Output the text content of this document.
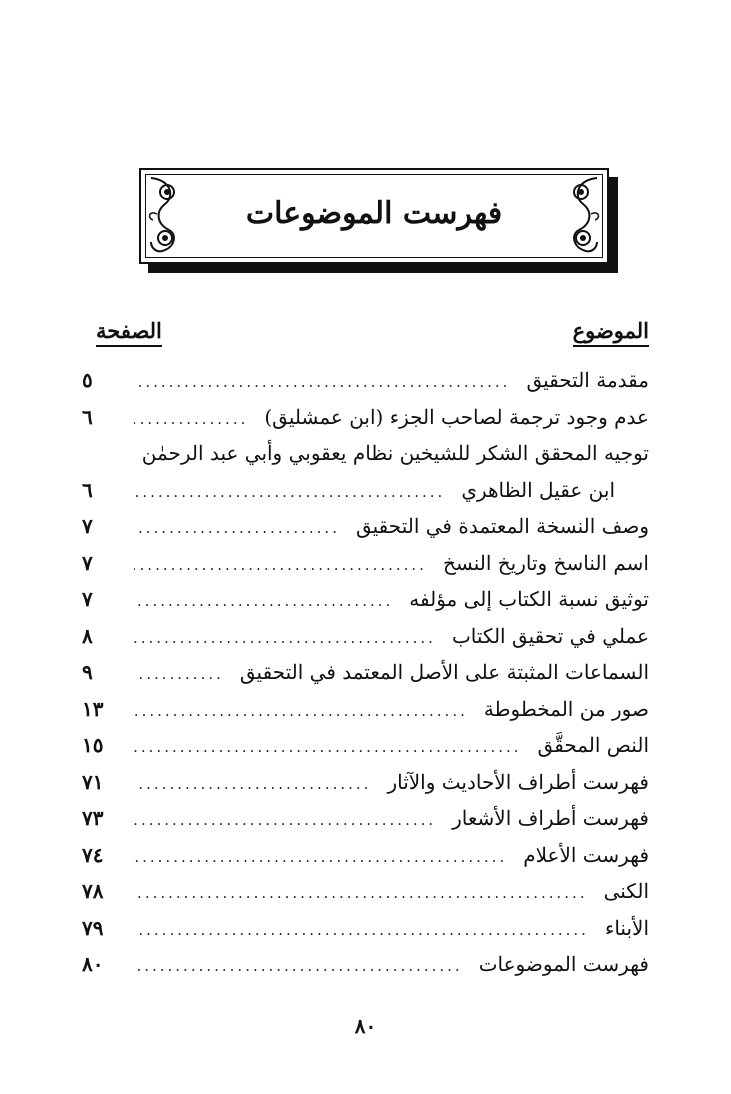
فهرست الموضوعات
الموضوع
الصفحة
مقدمة التحقيق
.....
٥
عدم وجود ترجمة لصاحب الجزء (ابن عمشليق)
.....
٦
توجيه المحقق الشكر للشيخين نظام يعقوبي وأبي عبد الرحمٰن
ابن عقيل الظاهري
.....
٦
وصف النسخة المعتمدة في التحقيق
.....
٧
اسم الناسخ وتاريخ النسخ
.....
٧
توثيق نسبة الكتاب إلى مؤلفه
.....
٧
عملي في تحقيق الكتاب
.....
٨
السماعات المثبتة على الأصل المعتمد في التحقيق
.....
٩
صور من المخطوطة
.....
١٣
النص المحقَّق
.....
١٥
فهرست أطراف الأحاديث والآثار
.....
٧١
فهرست أطراف الأشعار
.....
٧٣
فهرست الأعلام
.....
٧٤
الكنى
.....
٧٨
الأبناء
.....
٧٩
فهرست الموضوعات
.....
٨٠
٨٠
